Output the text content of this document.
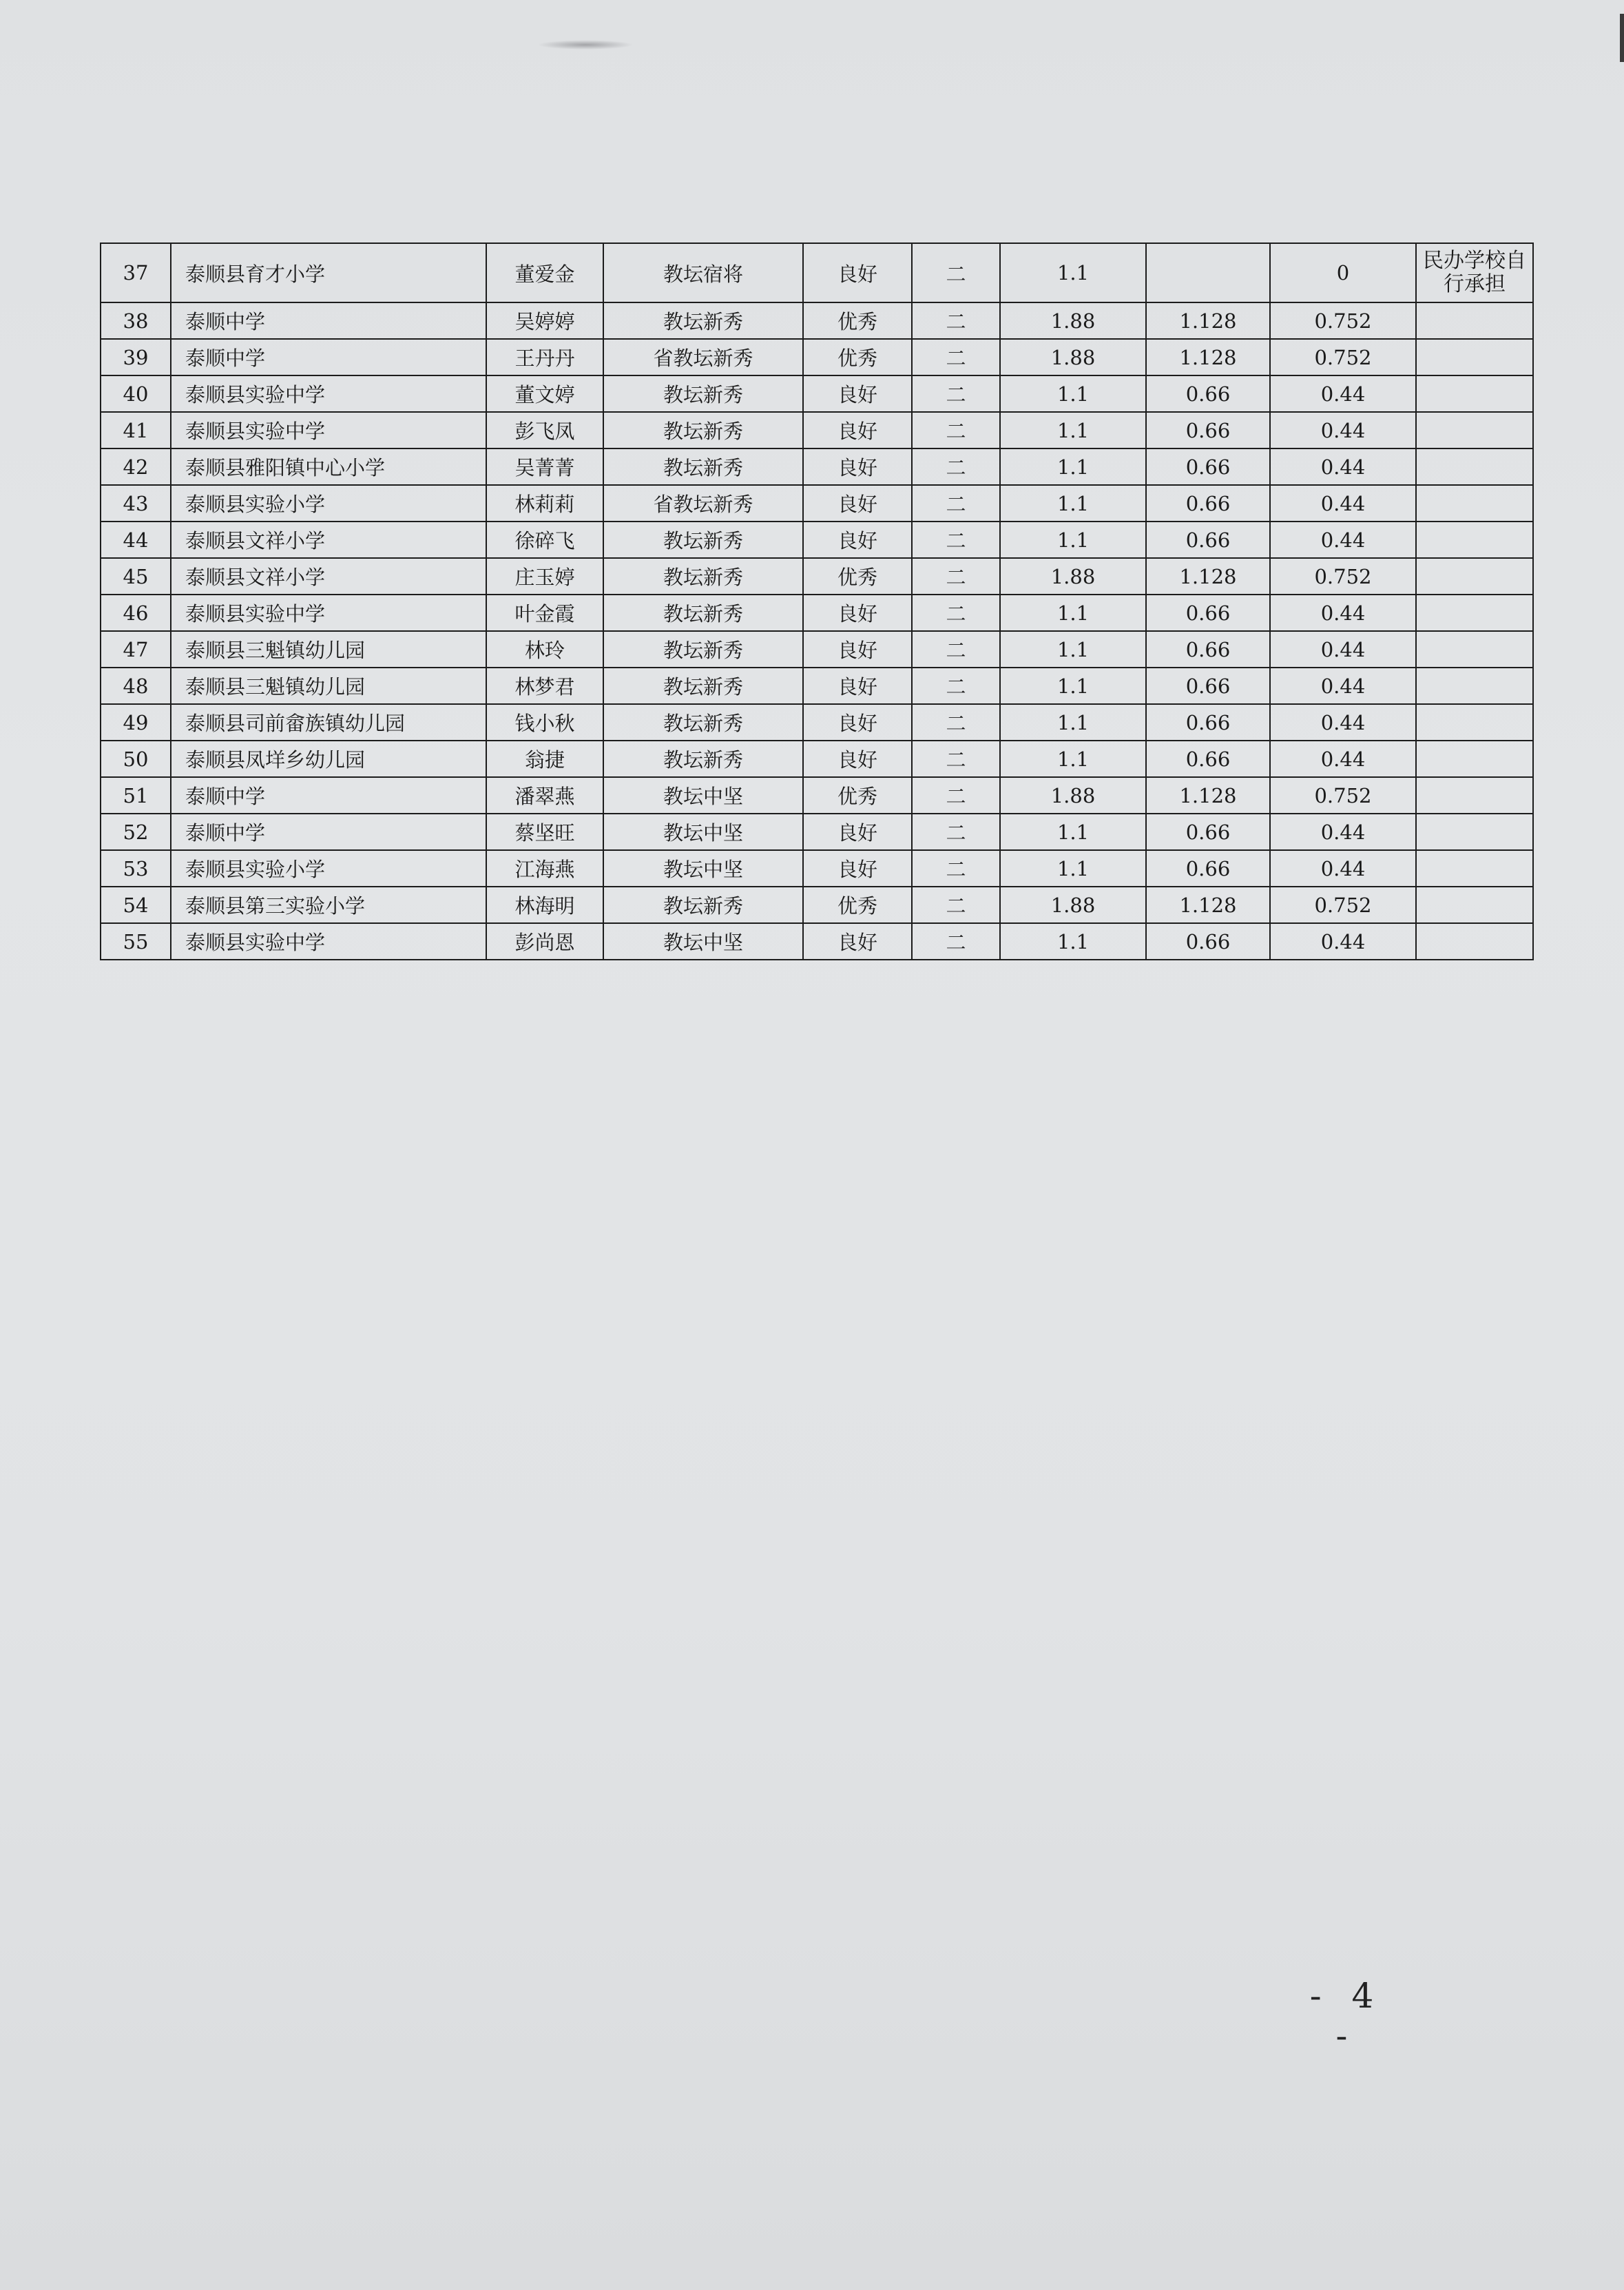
37	泰顺县育才小学	董爱金	教坛宿将	良好	二	1.1		0	民办学校自行承担
38	泰顺中学	吴婷婷	教坛新秀	优秀	二	1.88	1.128	0.752	
39	泰顺中学	王丹丹	省教坛新秀	优秀	二	1.88	1.128	0.752	
40	泰顺县实验中学	董文婷	教坛新秀	良好	二	1.1	0.66	0.44	
41	泰顺县实验中学	彭飞凤	教坛新秀	良好	二	1.1	0.66	0.44	
42	泰顺县雅阳镇中心小学	吴菁菁	教坛新秀	良好	二	1.1	0.66	0.44	
43	泰顺县实验小学	林莉莉	省教坛新秀	良好	二	1.1	0.66	0.44	
44	泰顺县文祥小学	徐碎飞	教坛新秀	良好	二	1.1	0.66	0.44	
45	泰顺县文祥小学	庄玉婷	教坛新秀	优秀	二	1.88	1.128	0.752	
46	泰顺县实验中学	叶金霞	教坛新秀	良好	二	1.1	0.66	0.44	
47	泰顺县三魁镇幼儿园	林玲	教坛新秀	良好	二	1.1	0.66	0.44	
48	泰顺县三魁镇幼儿园	林梦君	教坛新秀	良好	二	1.1	0.66	0.44	
49	泰顺县司前畲族镇幼儿园	钱小秋	教坛新秀	良好	二	1.1	0.66	0.44	
50	泰顺县凤垟乡幼儿园	翁捷	教坛新秀	良好	二	1.1	0.66	0.44	
51	泰顺中学	潘翠燕	教坛中坚	优秀	二	1.88	1.128	0.752	
52	泰顺中学	蔡坚旺	教坛中坚	良好	二	1.1	0.66	0.44	
53	泰顺县实验小学	江海燕	教坛中坚	良好	二	1.1	0.66	0.44	
54	泰顺县第三实验小学	林海明	教坛新秀	优秀	二	1.88	1.128	0.752	
55	泰顺县实验中学	彭尚恩	教坛中坚	良好	二	1.1	0.66	0.44	
- 4 -
